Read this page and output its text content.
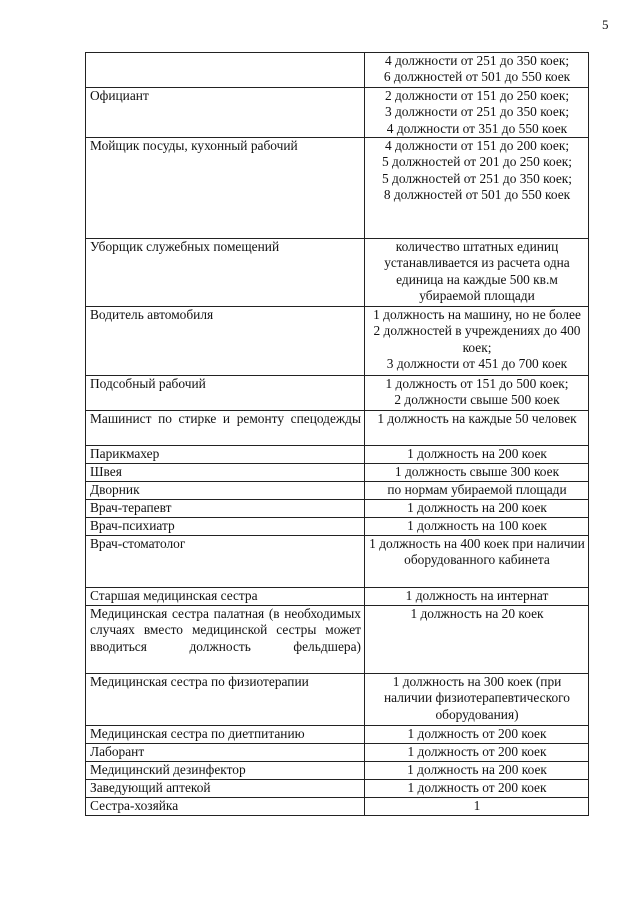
5

	4 должности от 251 до 350 коек;
6 должностей от 501 до 550 коек

Официант	2 должности от 151 до 250 коек;
3 должности от 251 до 350 коек;
4 должности от 351 до 550 коек

Мойщик посуды, кухонный рабочий	4 должности от 151 до 200 коек;
5 должностей от 201 до 250 коек;
5 должностей от 251 до 350 коек;
8 должностей от 501 до 550 коек

Уборщик служебных помещений	количество штатных единиц устанавливается из расчета одна единица на каждые 500 кв.м убираемой площади

Водитель автомобиля	1 должность на машину, но не более 2 должностей в учреждениях до 400 коек;
3 должности от 451 до 700 коек

Подсобный рабочий	1 должность от 151 до 500 коек;
2 должности свыше 500 коек

Машинист по стирке и ремонту спецодежды	1 должность на каждые 50 человек

Парикмахер	1 должность на 200 коек
Швея	1 должность свыше 300 коек
Дворник	по нормам убираемой площади
Врач-терапевт	1 должность на 200 коек
Врач-психиатр	1 должность на 100 коек
Врач-стоматолог	1 должность на 400 коек при наличии оборудованного кабинета

Старшая медицинская сестра	1 должность на интернат
Медицинская сестра палатная (в необходимых случаях вместо медицинской сестры может вводиться должность фельдшера)	1 должность на 20 коек

Медицинская сестра по физиотерапии	1 должность на 300 коек (при наличии физиотерапевтического оборудования)

Медицинская сестра по диетпитанию	1 должность от 200 коек
Лаборант	1 должность от 200 коек
Медицинский дезинфектор	1 должность на 200 коек
Заведующий аптекой	1 должность от 200 коек
Сестра-хозяйка	1
